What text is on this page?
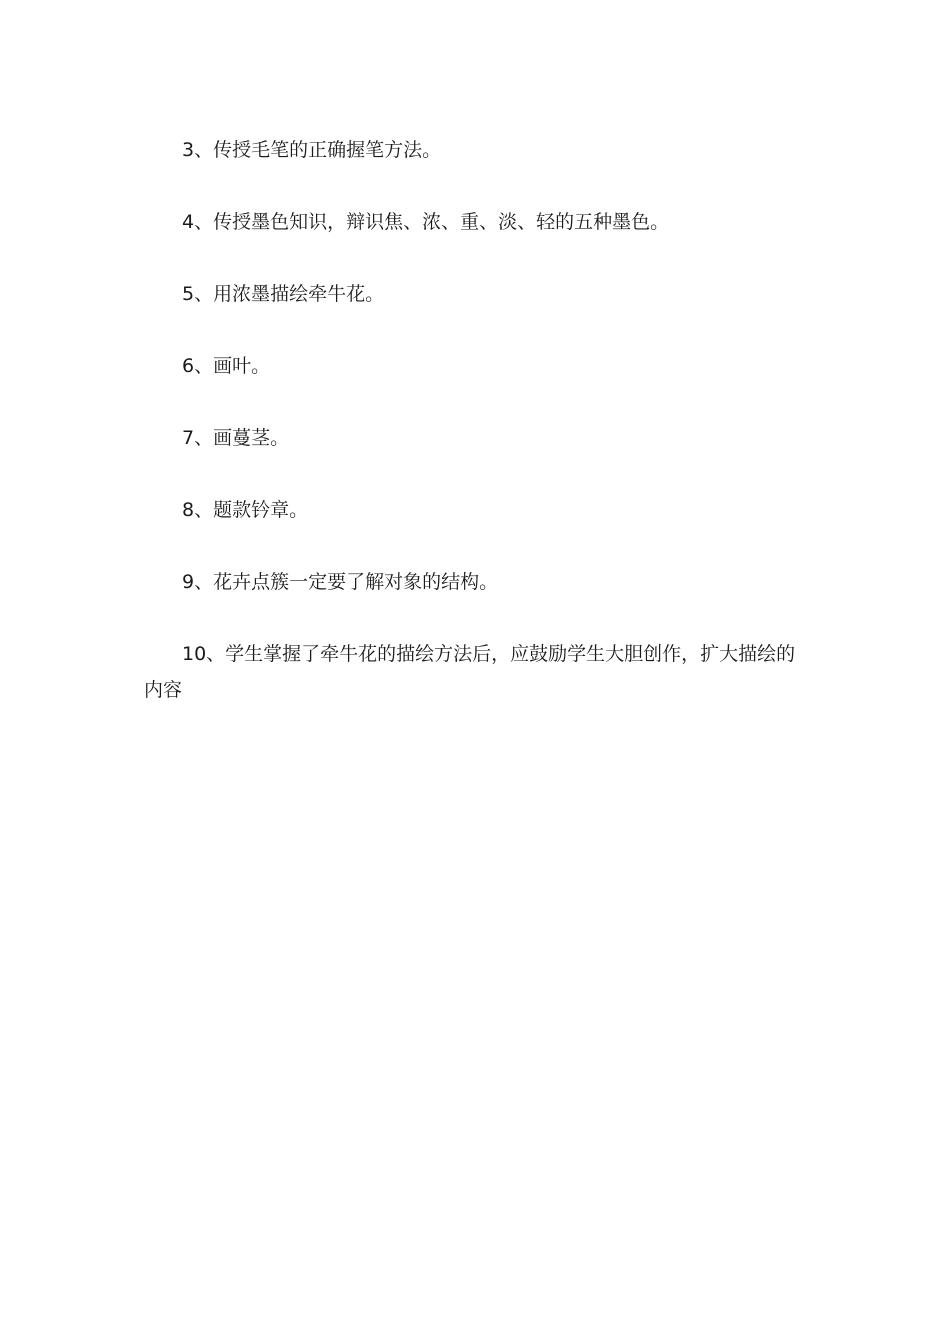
3、传授毛笔的正确握笔方法。

4、传授墨色知识，辩识焦、浓、重、淡、轻的五种墨色。

5、用浓墨描绘牵牛花。

6、画叶。

7、画蔓茎。

8、题款钤章。

9、花卉点簇一定要了解对象的结构。

10、学生掌握了牵牛花的描绘方法后，应鼓励学生大胆创作，扩大描绘的内容
